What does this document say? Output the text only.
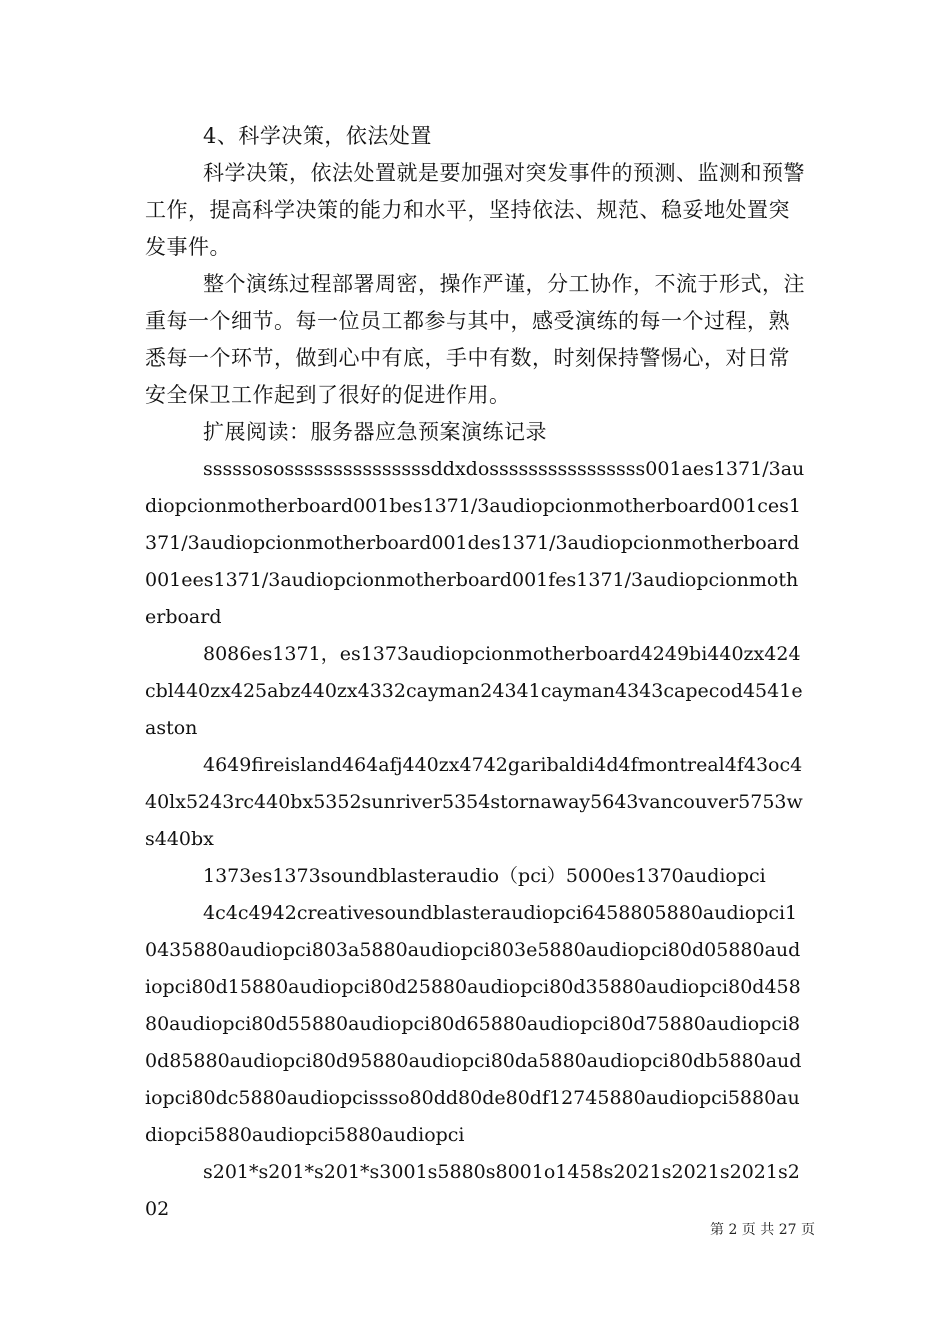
4、科学决策，依法处置

科学决策，依法处置就是要加强对突发事件的预测、监测和预警工作，提高科学决策的能力和水平，坚持依法、规范、稳妥地处置突发事件。

整个演练过程部署周密，操作严谨，分工协作，不流于形式，注重每一个细节。每一位员工都参与其中，感受演练的每一个过程，熟悉每一个环节，做到心中有底，手中有数，时刻保持警惕心，对日常安全保卫工作起到了很好的促进作用。

扩展阅读：服务器应急预案演练记录

sssssososssssssssssssssddxdossssssssssssssss001aes1371/3audiopcionmotherboard001bes1371/3audiopcionmotherboard001ces1371/3audiopcionmotherboard001des1371/3audiopcionmotherboard001ees1371/3audiopcionmotherboard001fes1371/3audiopcionmotherboard

8086es1371，es1373audiopcionmotherboard4249bi440zx424cbl440zx425abz440zx4332cayman24341cayman4343capecod4541easton

4649fireisland464afj440zx4742garibaldi4d4fmontreal4f43oc440lx5243rc440bx5352sunriver5354stornaway5643vancouver5753ws440bx

1373es1373soundblasteraudio（pci）5000es1370audiopci

4c4c4942creativesoundblasteraudiopci6458805880audiopci10435880audiopci803a5880audiopci803e5880audiopci80d05880audiopci80d15880audiopci80d25880audiopci80d35880audiopci80d45880audiopci80d55880audiopci80d65880audiopci80d75880audiopci80d85880audiopci80d95880audiopci80da5880audiopci80db5880audiopci80dc5880audiopcissso80dd80de80df12745880audiopci5880audiopci5880audiopci5880audiopci

s201*s201*s201*s3001s5880s8001o1458s2021s2021s2021s202

第 2 页 共 27 页
